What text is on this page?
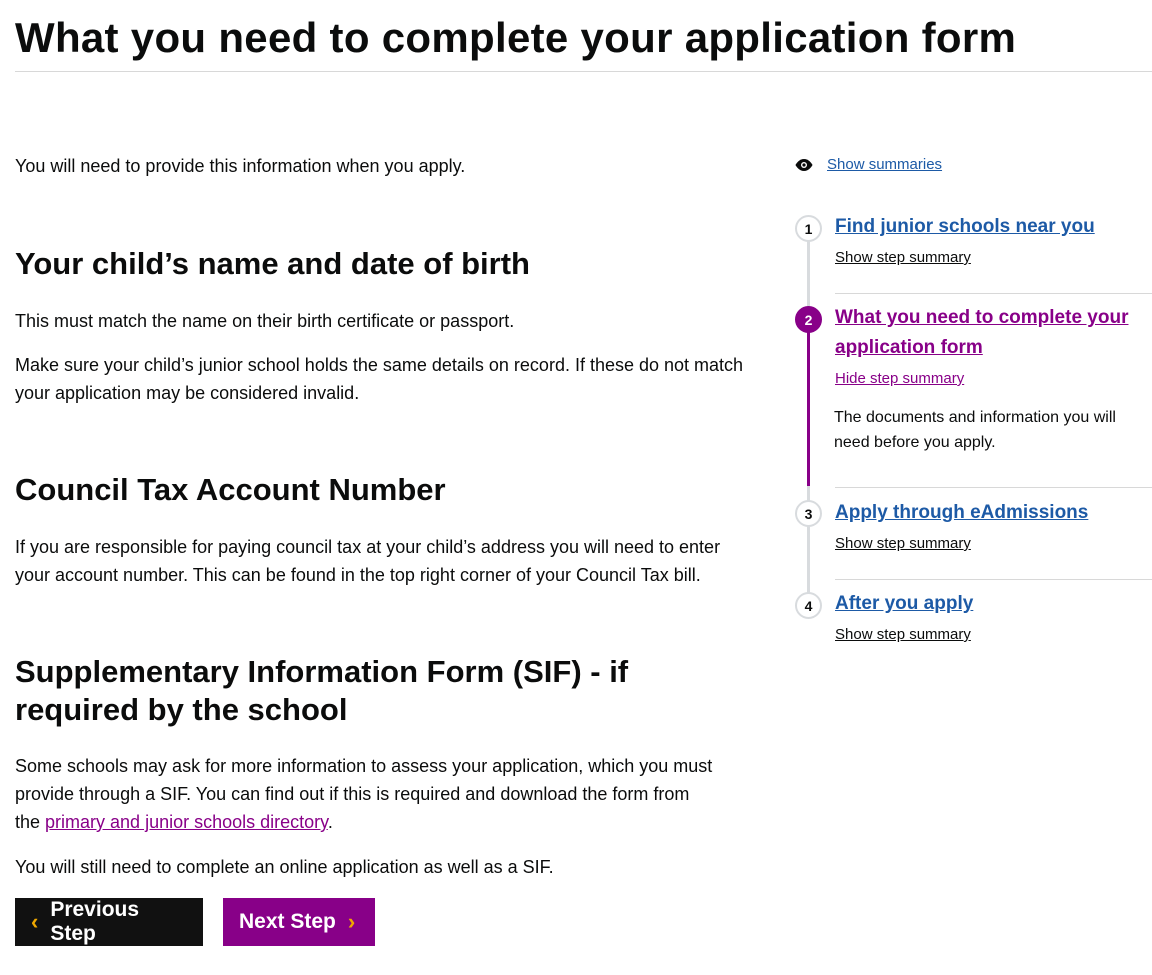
What you need to complete your application form

You will need to provide this information when you apply.

Your child’s name and date of birth

This must match the name on their birth certificate or passport.

Make sure your child’s junior school holds the same details on record. If these do not match your application may be considered invalid.

Council Tax Account Number

If you are responsible for paying council tax at your child’s address you will need to enter your account number. This can be found in the top right corner of your Council Tax bill.

Supplementary Information Form (SIF) - if required by the school

Some schools may ask for more information to assess your application, which you must provide through a SIF. You can find out if this is required and download the form from the primary and junior schools directory.

You will still need to complete an online application as well as a SIF.

‹ Previous Step
Next Step ›
Show summaries
1	Find junior schools near you
Show step summary
2	What you need to complete your application form
Hide step summary
The documents and information you will need before you apply.
3	Apply through eAdmissions
Show step summary
4	After you apply
Show step summary
